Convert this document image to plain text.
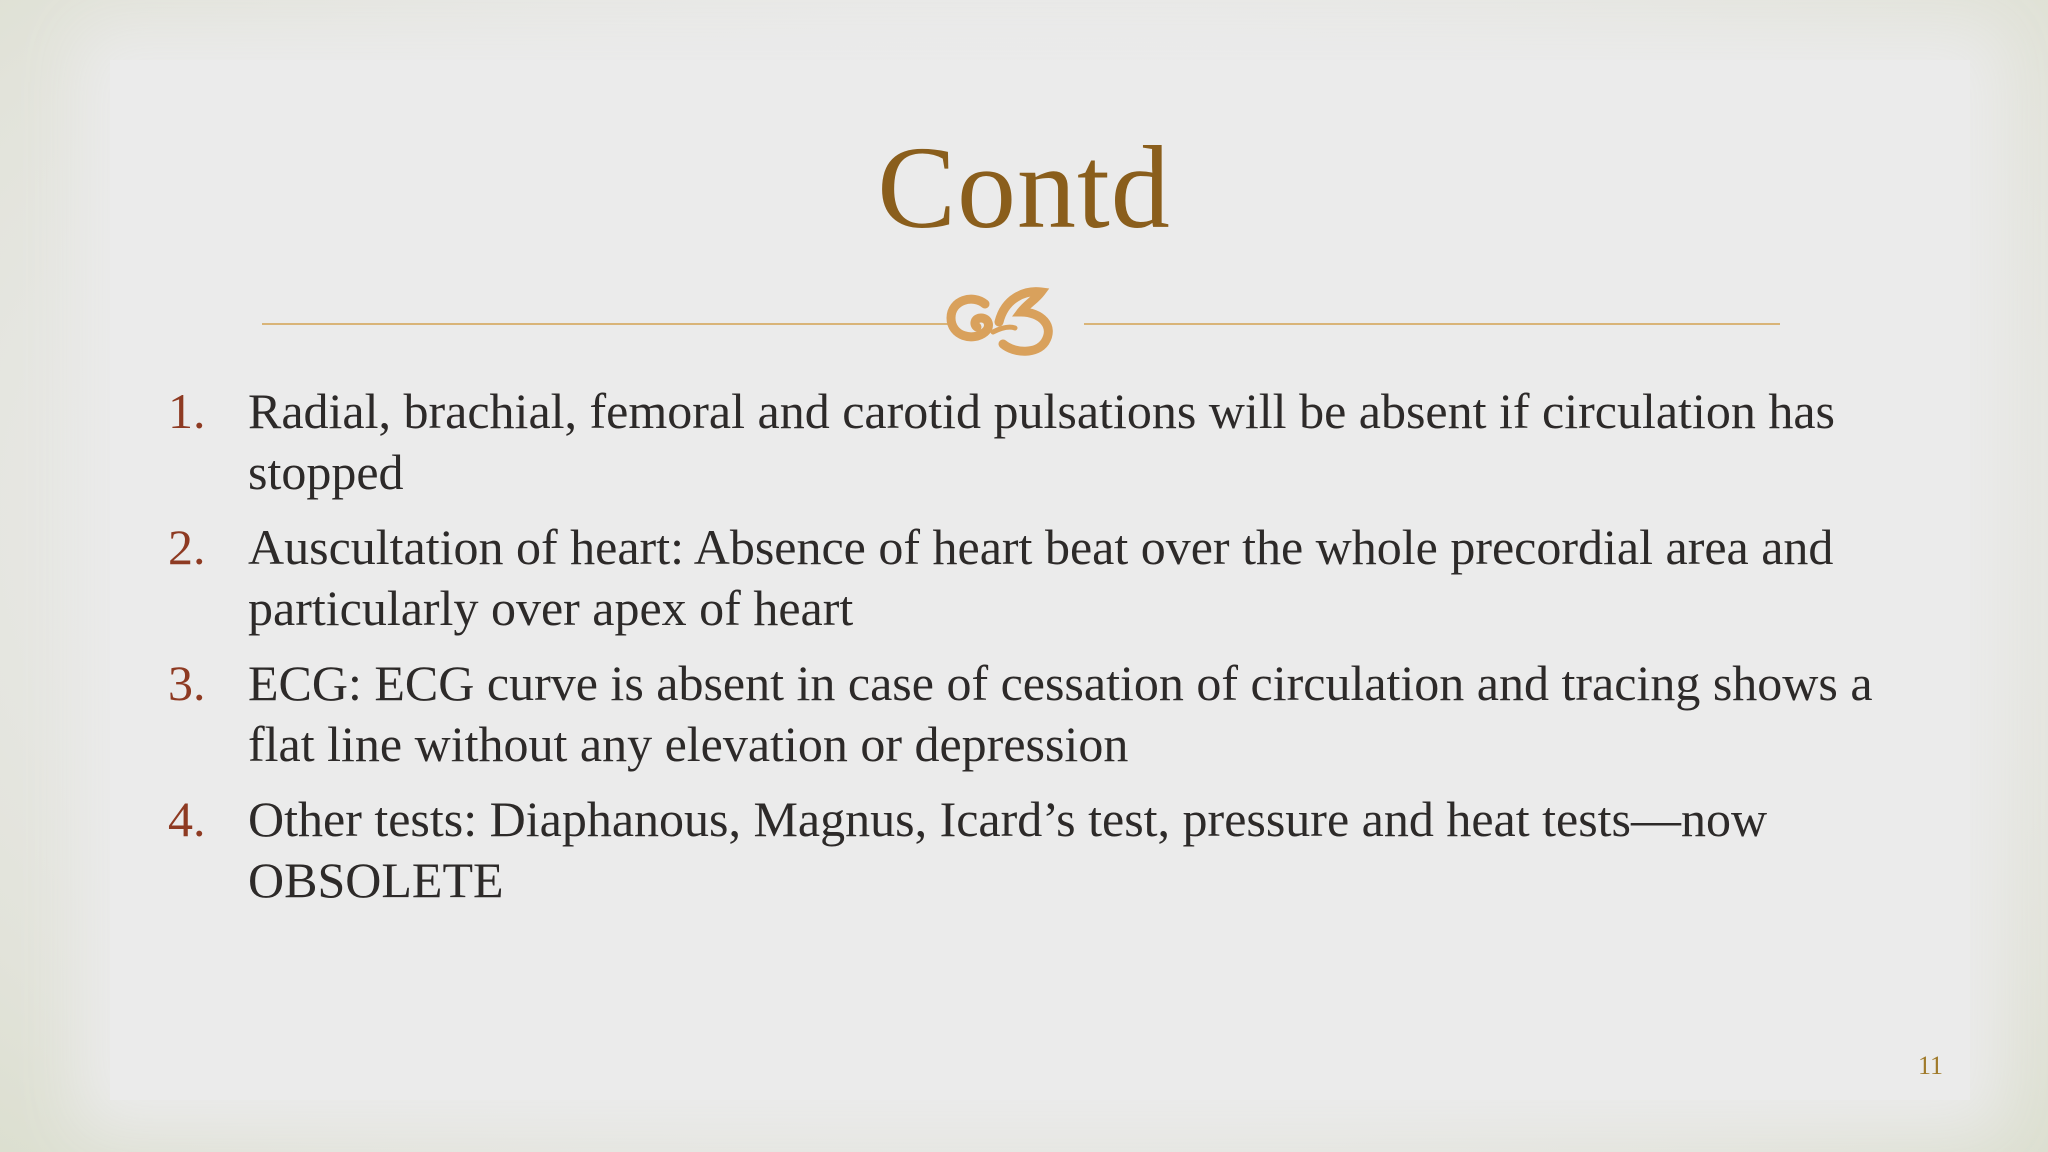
Contd
1. Radial, brachial, femoral and carotid pulsations will be absent if circulation has stopped
2. Auscultation of heart: Absence of heart beat over the whole precordial area and particularly over apex of heart
3. ECG: ECG curve is absent in case of cessation of circulation and tracing shows a flat line without any elevation or depression
4. Other tests: Diaphanous, Magnus, Icard’s test, pressure and heat tests—now OBSOLETE
11
